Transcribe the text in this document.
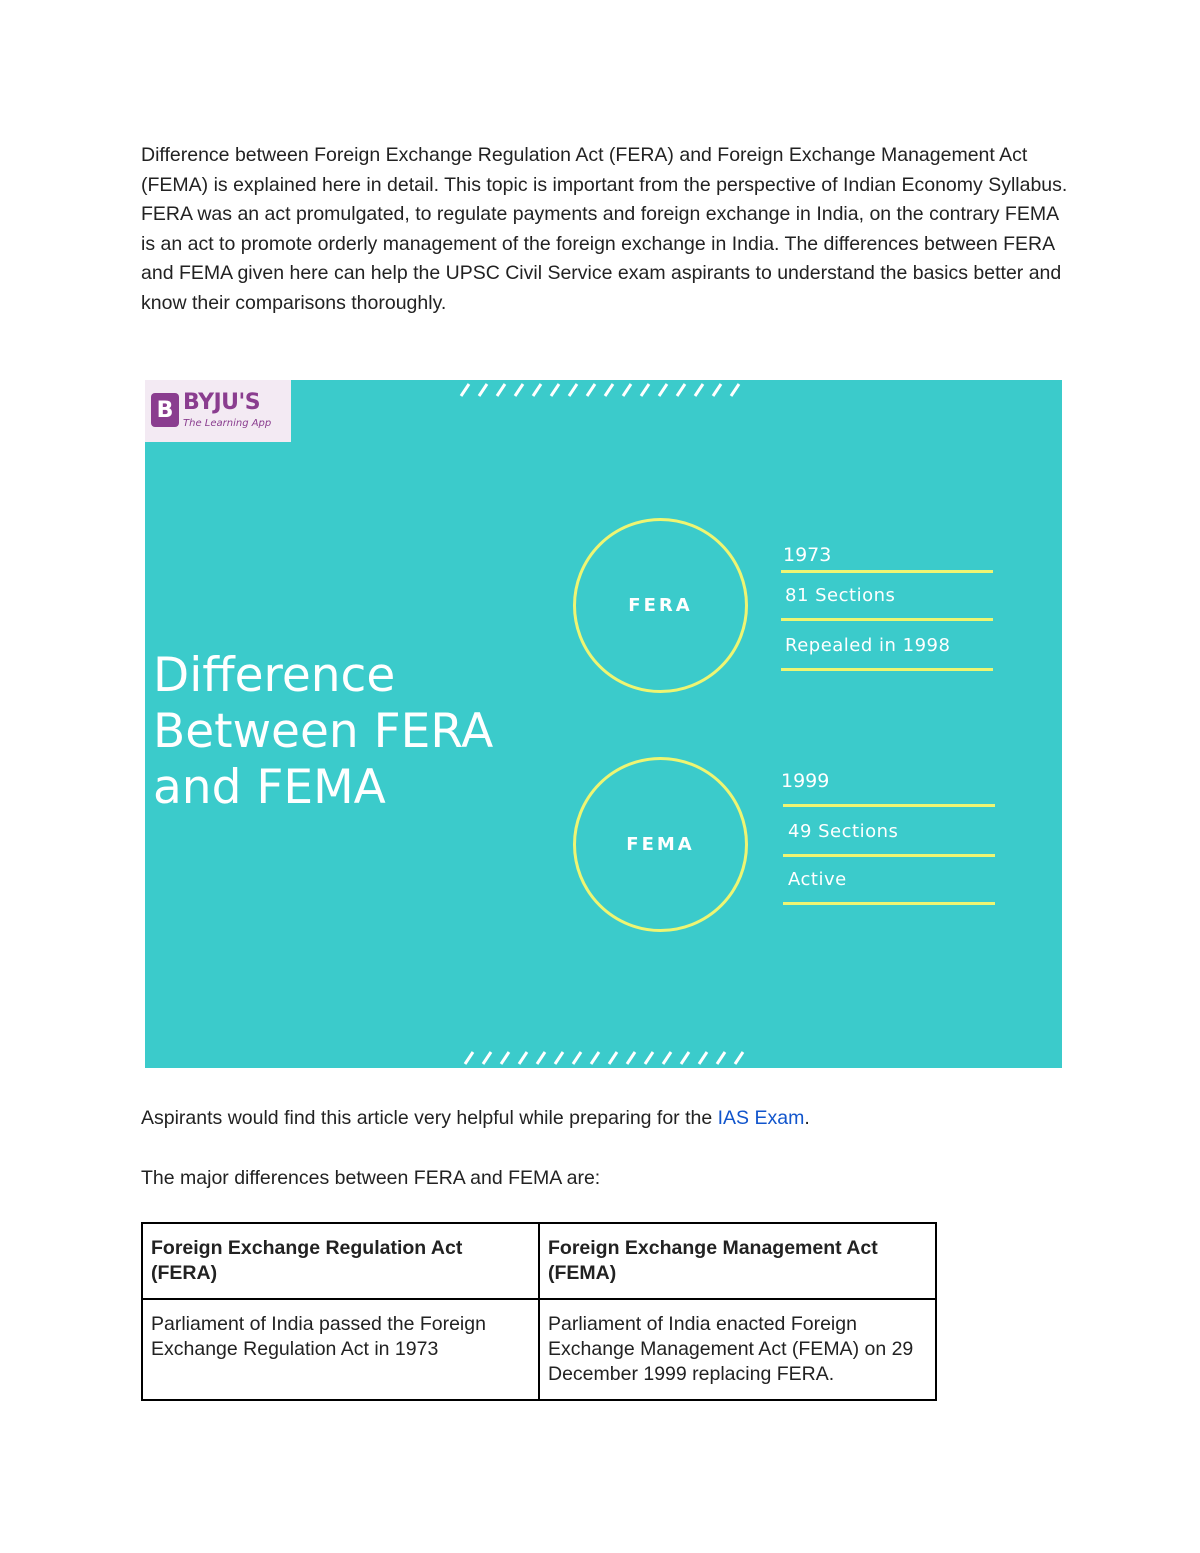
Difference between Foreign Exchange Regulation Act (FERA) and Foreign Exchange Management Act (FEMA) is explained here in detail. This topic is important from the perspective of Indian Economy Syllabus. FERA was an act promulgated, to regulate payments and foreign exchange in India, on the contrary FEMA is an act to promote orderly management of the foreign exchange in India. The differences between FERA and FEMA given here can help the UPSC Civil Service exam aspirants to understand the basics better and know their comparisons thoroughly.

B BYJU'S
The Learning App
Difference
Between FERA
and FEMA
FERA
1973
81 Sections
Repealed in 1998
FEMA
1999
49 Sections
Active

Aspirants would find this article very helpful while preparing for the IAS Exam.

The major differences between FERA and FEMA are:

Foreign Exchange Regulation Act (FERA)	Foreign Exchange Management Act (FEMA)
Parliament of India passed the Foreign Exchange Regulation Act in 1973	Parliament of India enacted Foreign Exchange Management Act (FEMA) on 29 December 1999 replacing FERA.
